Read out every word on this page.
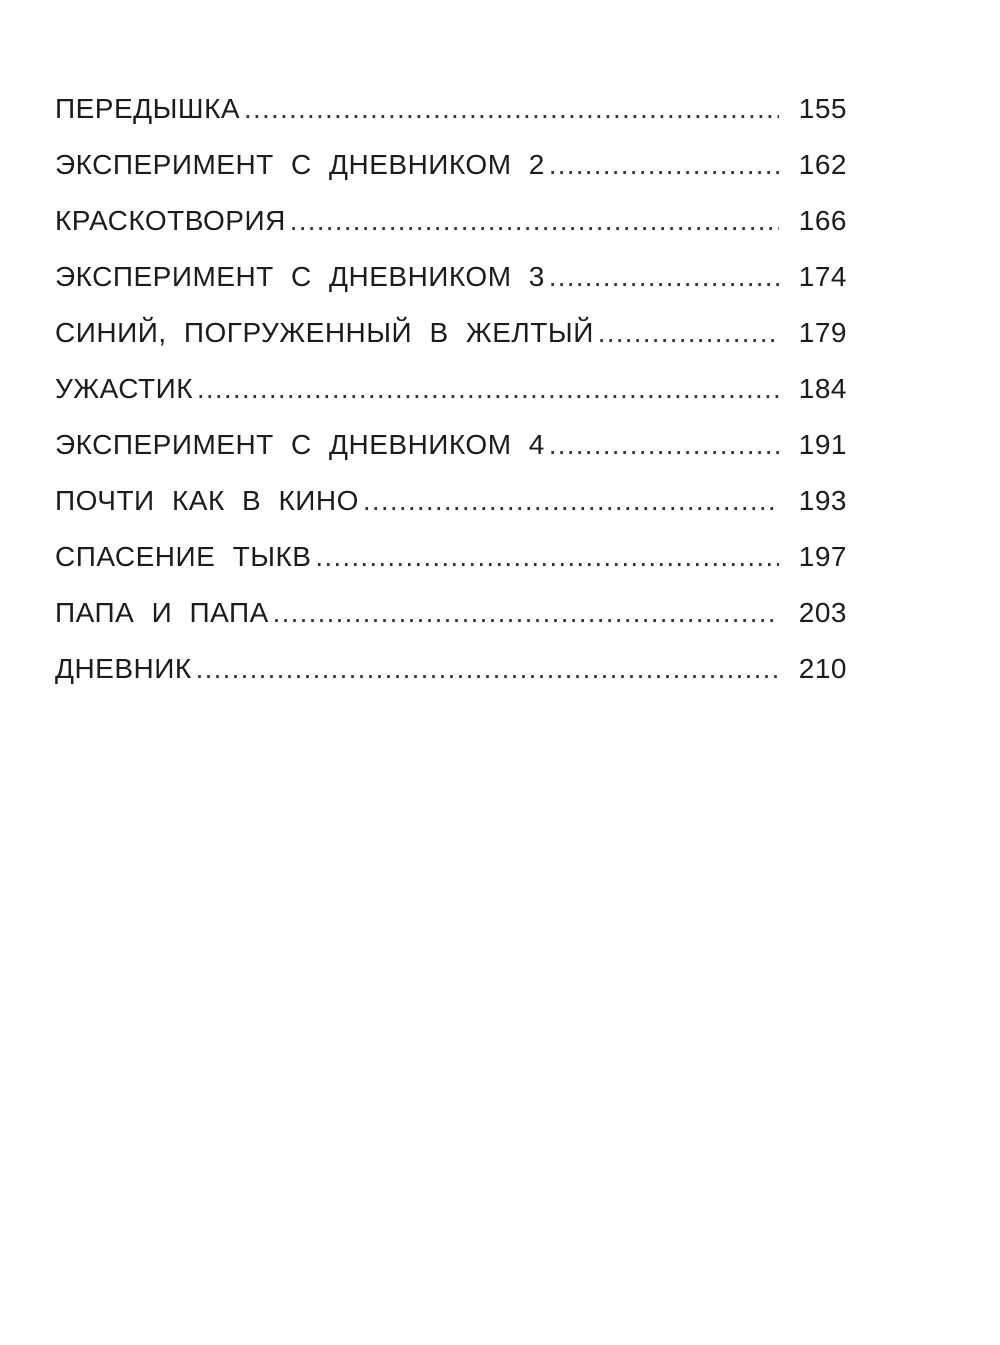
ПЕРЕДЫШКА .....	155
ЭКСПЕРИМЕНТ С ДНЕВНИКОМ 2 .....	162
КРАСКОТВОРИЯ .....	166
ЭКСПЕРИМЕНТ С ДНЕВНИКОМ 3 .....	174
СИНИЙ, ПОГРУЖЕННЫЙ В ЖЕЛТЫЙ .....	179
УЖАСТИК .....	184
ЭКСПЕРИМЕНТ С ДНЕВНИКОМ 4 .....	191
ПОЧТИ КАК В КИНО .....	193
СПАСЕНИЕ ТЫКВ .....	197
ПАПА И ПАПА .....	203
ДНЕВНИК .....	210
